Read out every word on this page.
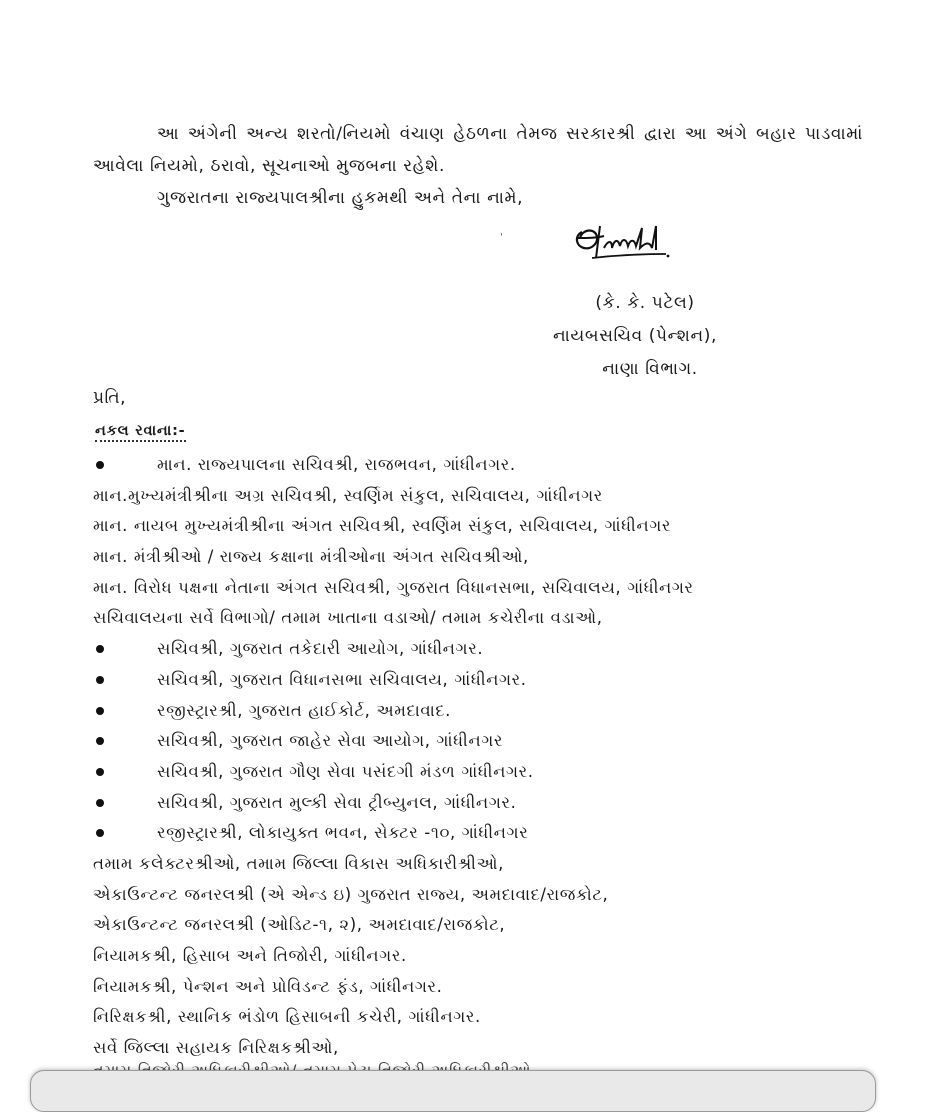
આ અંગેની અન્ય શરતો/નિયમો વંચાણ હેઠળના તેમજ સરકારશ્રી દ્વારા આ અંગે બહાર પાડવામાં આવેલા નિયમો, ઠરાવો, સૂચનાઓ મુજબના રહેશે.
ગુજરાતના રાજ્યપાલશ્રીના હુકમથી અને તેના નામે,
'
(કે. કે. પટેલ)
નાયબસચિવ (પેન્શન),
નાણા વિભાગ.
પ્રતિ,
નકલ રવાના:-
માન. રાજ્યપાલના સચિવશ્રી, રાજભવન, ગાંધીનગર.
માન.મુખ્યમંત્રીશ્રીના અગ્ર સચિવશ્રી, સ્વર્ણિમ સંકુલ, સચિવાલય, ગાંધીનગર
માન. નાયબ મુખ્યમંત્રીશ્રીના અંગત સચિવશ્રી, સ્વર્ણિમ સંકુલ, સચિવાલય, ગાંધીનગર
માન. મંત્રીશ્રીઓ / રાજ્ય કક્ષાના મંત્રીઓના અંગત સચિવશ્રીઓ,
માન. વિરોધ પક્ષના નેતાના અંગત સચિવશ્રી, ગુજરાત વિધાનસભા, સચિવાલય, ગાંધીનગર
સચિવાલયના સર્વે વિભાગો/ તમામ ખાતાના વડાઓ/ તમામ કચેરીના વડાઓ,
સચિવશ્રી, ગુજરાત તકેદારી આયોગ, ગાંધીનગર.
સચિવશ્રી, ગુજરાત વિધાનસભા સચિવાલય, ગાંધીનગર.
રજીસ્ટ્રારશ્રી, ગુજરાત હાઈકોર્ટ, અમદાવાદ.
સચિવશ્રી, ગુજરાત જાહેર સેવા આયોગ, ગાંધીનગર
સચિવશ્રી, ગુજરાત ગૌણ સેવા પસંદગી મંડળ ગાંધીનગર.
સચિવશ્રી, ગુજરાત મુલ્કી સેવા ટ્રીબ્યુનલ, ગાંધીનગર.
રજીસ્ટ્રારશ્રી, લોકાયુક્ત ભવન, સેક્ટર -૧૦, ગાંધીનગર
તમામ કલેક્ટરશ્રીઓ, તમામ જિલ્લા વિકાસ અધિકારીશ્રીઓ,
એકાઉન્ટન્ટ જનરલશ્રી (એ એન્ડ ઇ) ગુજરાત રાજ્ય, અમદાવાદ/રાજકોટ,
એકાઉન્ટન્ટ જનરલશ્રી (ઓડિટ-૧, ૨), અમદાવાદ/રાજકોટ,
નિયામકશ્રી, હિસાબ અને તિજોરી, ગાંધીનગર.
નિયામકશ્રી, પેન્શન અને પ્રોવિડન્ટ ફંડ, ગાંધીનગર.
નિરિક્ષકશ્રી, સ્થાનિક ભંડોળ હિસાબની કચેરી, ગાંધીનગર.
સર્વે જિલ્લા સહાયક નિરિક્ષકશ્રીઓ,
